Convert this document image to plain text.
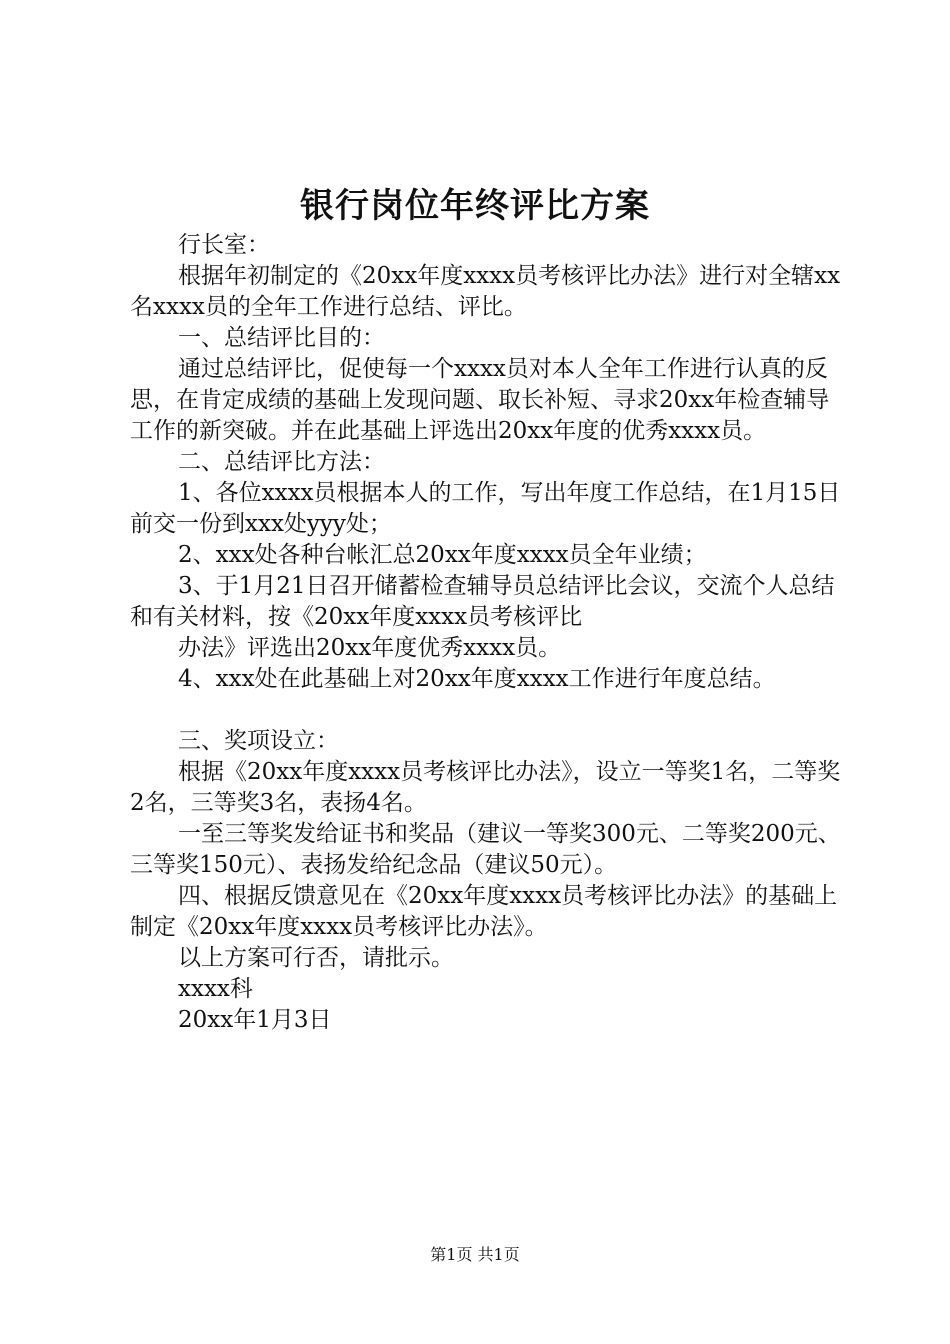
银行岗位年终评比方案

行长室：

根据年初制定的《20xx年度xxxx员考核评比办法》进行对全辖xx名xxxx员的全年工作进行总结、评比。

一、总结评比目的：

通过总结评比，促使每一个xxxx员对本人全年工作进行认真的反思，在肯定成绩的基础上发现问题、取长补短、寻求20xx年检查辅导工作的新突破。并在此基础上评选出20xx年度的优秀xxxx员。

二、总结评比方法：

1、各位xxxx员根据本人的工作，写出年度工作总结，在1月15日前交一份到xxx处yyy处；

2、xxx处各种台帐汇总20xx年度xxxx员全年业绩；

3、于1月21日召开储蓄检查辅导员总结评比会议，交流个人总结和有关材料，按《20xx年度xxxx员考核评比

办法》评选出20xx年度优秀xxxx员。

4、xxx处在此基础上对20xx年度xxxx工作进行年度总结。

三、奖项设立：

根据《20xx年度xxxx员考核评比办法》，设立一等奖1名，二等奖2名，三等奖3名，表扬4名。

一至三等奖发给证书和奖品（建议一等奖300元、二等奖200元、三等奖150元）、表扬发给纪念品（建议50元）。

四、根据反馈意见在《20xx年度xxxx员考核评比办法》的基础上制定《20xx年度xxxx员考核评比办法》。

以上方案可行否，请批示。

xxxx科

20xx年1月3日

第1页 共1页
